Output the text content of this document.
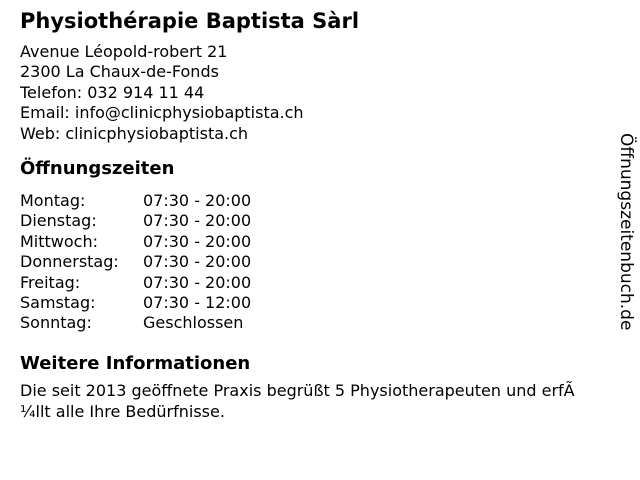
Physiothérapie Baptista Sàrl
Avenue Léopold-robert 21
2300 La Chaux-de-Fonds
Telefon: 032 914 11 44
Email: info@clinicphysiobaptista.ch
Web: clinicphysiobaptista.ch
Öffnungszeiten
Montag:	07:30 - 20:00
Dienstag:	07:30 - 20:00
Mittwoch:	07:30 - 20:00
Donnerstag:	07:30 - 20:00
Freitag:	07:30 - 20:00
Samstag:	07:30 - 12:00
Sonntag:	Geschlossen
Weitere Informationen

Die seit 2013 geöffnete Praxis begrüßt 5 Physiotherapeuten und erfÃ
¼llt alle Ihre Bedürfnisse.

Öffnungszeitenbuch.de
